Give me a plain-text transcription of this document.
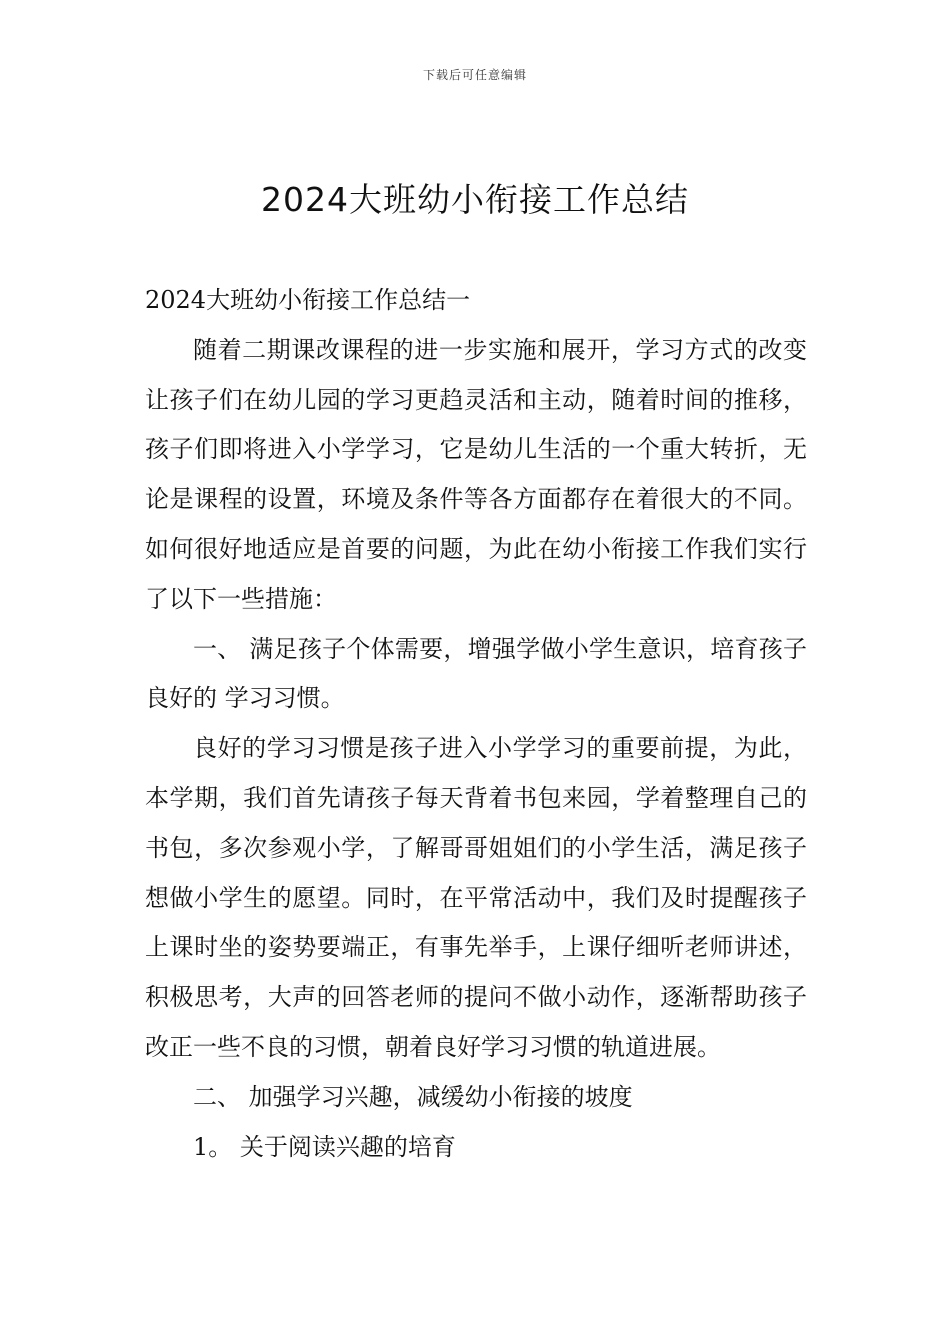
下载后可任意编辑
2024大班幼小衔接工作总结

2024大班幼小衔接工作总结一

随着二期课改课程的进一步实施和展开，学习方式的改变让孩子们在幼儿园的学习更趋灵活和主动，随着时间的推移，孩子们即将进入小学学习，它是幼儿生活的一个重大转折，无论是课程的设置，环境及条件等各方面都存在着很大的不同。如何很好地适应是首要的问题，为此在幼小衔接工作我们实行了以下一些措施：

一、 满足孩子个体需要，增强学做小学生意识，培育孩子良好的 学习习惯。

良好的学习习惯是孩子进入小学学习的重要前提，为此，本学期，我们首先请孩子每天背着书包来园，学着整理自己的书包，多次参观小学，了解哥哥姐姐们的小学生活，满足孩子想做小学生的愿望。同时，在平常活动中，我们及时提醒孩子上课时坐的姿势要端正，有事先举手，上课仔细听老师讲述，积极思考，大声的回答老师的提问不做小动作，逐渐帮助孩子改正一些不良的习惯，朝着良好学习习惯的轨道进展。

二、 加强学习兴趣，减缓幼小衔接的坡度

1。 关于阅读兴趣的培育
